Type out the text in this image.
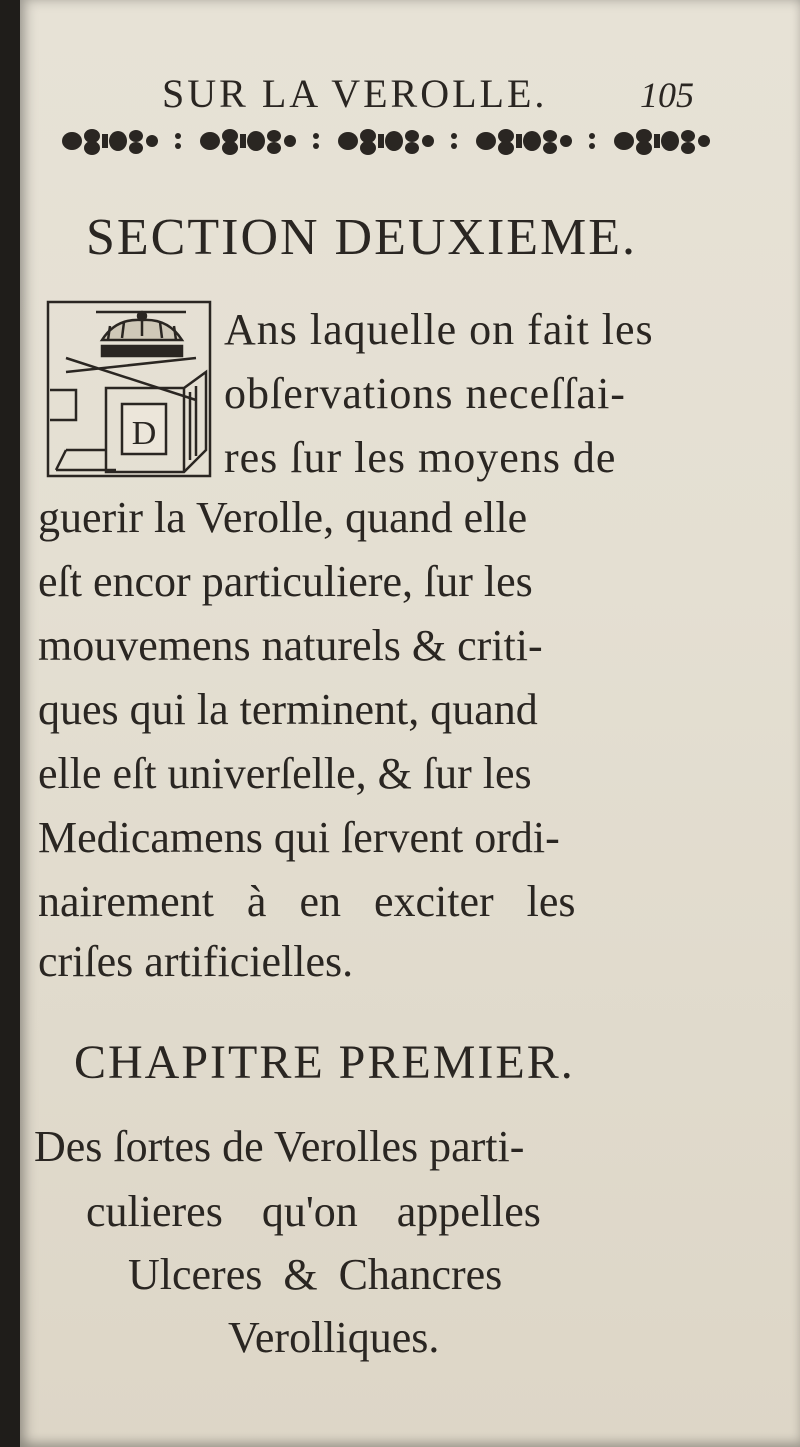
SUR LA VEROLLE.	105
SECTION DEUXIEME.
D
Ans laquelle on fait les
obſervations neceſſai-
res ſur les moyens de
guerir la Verolle, quand elle
eſt encor particuliere, ſur les
mouvemens naturels & criti-
ques qui la terminent, quand
elle eſt univerſelle, & ſur les
Medicamens qui ſervent ordi-
nairement à en exciter les
criſes artificielles.
CHAPITRE PREMIER.
Des ſortes de Verolles parti-
culieres qu'on appelles
Ulceres & Chancres
Verolliques.
